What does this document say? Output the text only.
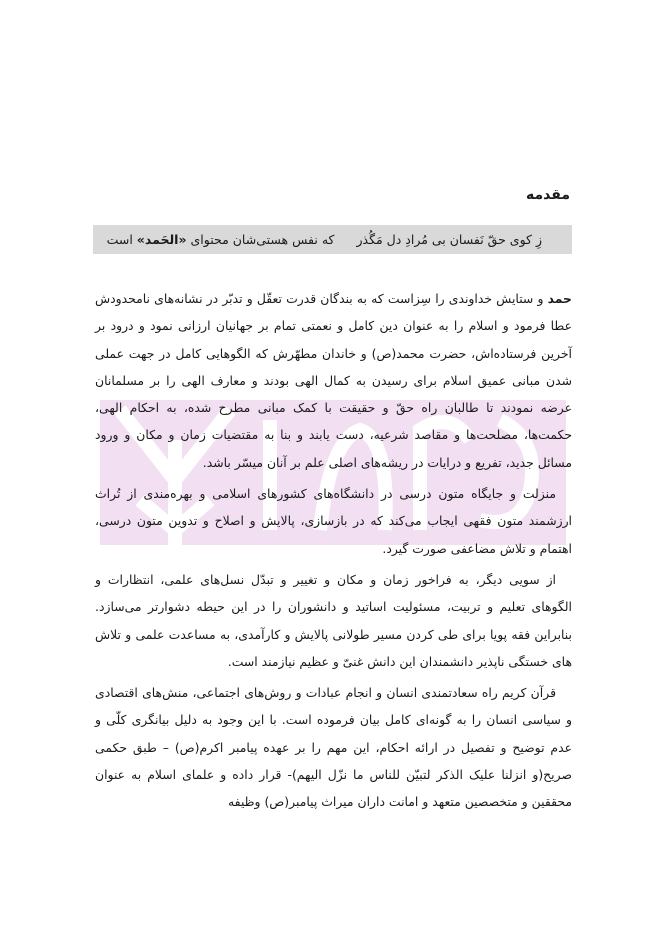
مقدمه
زِ کوی حقّ نَفسان بی مُرادِ دل مَگُذرکه نفس هستی‌شان محتوای «الحَمد» است

حمد و ستایش خداوندی را سِزاست که به بندگان قدرت تعقّل و تدبّر در نشانه‌های نامحدودش عطا فرمود و اسلام را به عنوان دین کامل و نعمتی تمام بر جهانیان ارزانی نمود و درود بر آخرین فرستاده‌اش، حضرت محمد(ص) و خاندان مطهّرش که الگوهایی کامل در جهت عملی شدن مبانی عمیق اسلام برای رسیدن به کمال الهی بودند و معارف الهی را بر مسلمانان عرضه نمودند تا طالبان راه حقّ و حقیقت با کمک مبانی مطرح شده، به احکام الهی، حکمت‌ها، مصلحت‌ها و مقاصد شرعیه، دست یابند و بنا به مقتضیات زمان و مکان و ورود مسائل جدید، تفریع و درایات در ریشه‌های اصلی علم بر آنان میسّر باشد.

منزلت و جایگاه متون درسی در دانشگاه‌های کشورهای اسلامی و بهره‌مندی از تُراث ارزشمند متون فقهی ایجاب می‌کند که در بازسازی، پالایش و اصلاح و تدوین متون درسی، اهتمام و تلاش مضاعفی صورت گیرد.

از سویی دیگر، به فراخور زمان و مکان و تغییر و تبدّل نسل‌های علمی، انتظارات و الگوهای تعلیم و تربیت، مسئولیت اساتید و دانشوران را در این حیطه دشوارتر می‌سازد. بنابراین فقه پویا برای طی کردن مسیر طولانی پالایش و کارآمدی، به مساعدت علمی و تلاش های خستگی ناپذیر دانشمندان این دانش غنیّ و عظیم نیازمند است.

قرآن کریم راه سعادتمندی انسان و انجام عبادات و روش‌های اجتماعی، منش‌های اقتصادی و سیاسی انسان را به گونه‌ای کامل بیان فرموده است. با این وجود به دلیل بیانگری کلّی و عدم توضیح و تفصیل در ارائه احکام، این مهم را بر عهده پیامبر اکرم(ص) – طبق حکمی صریح(و انزلنا علیک الذکر لتبیّن للناس ما نزّل الیهم)- قرار داده و علمای اسلام به عنوان محققین و متخصصین متعهد و امانت داران میراث پیامبر(ص) وظیفه
